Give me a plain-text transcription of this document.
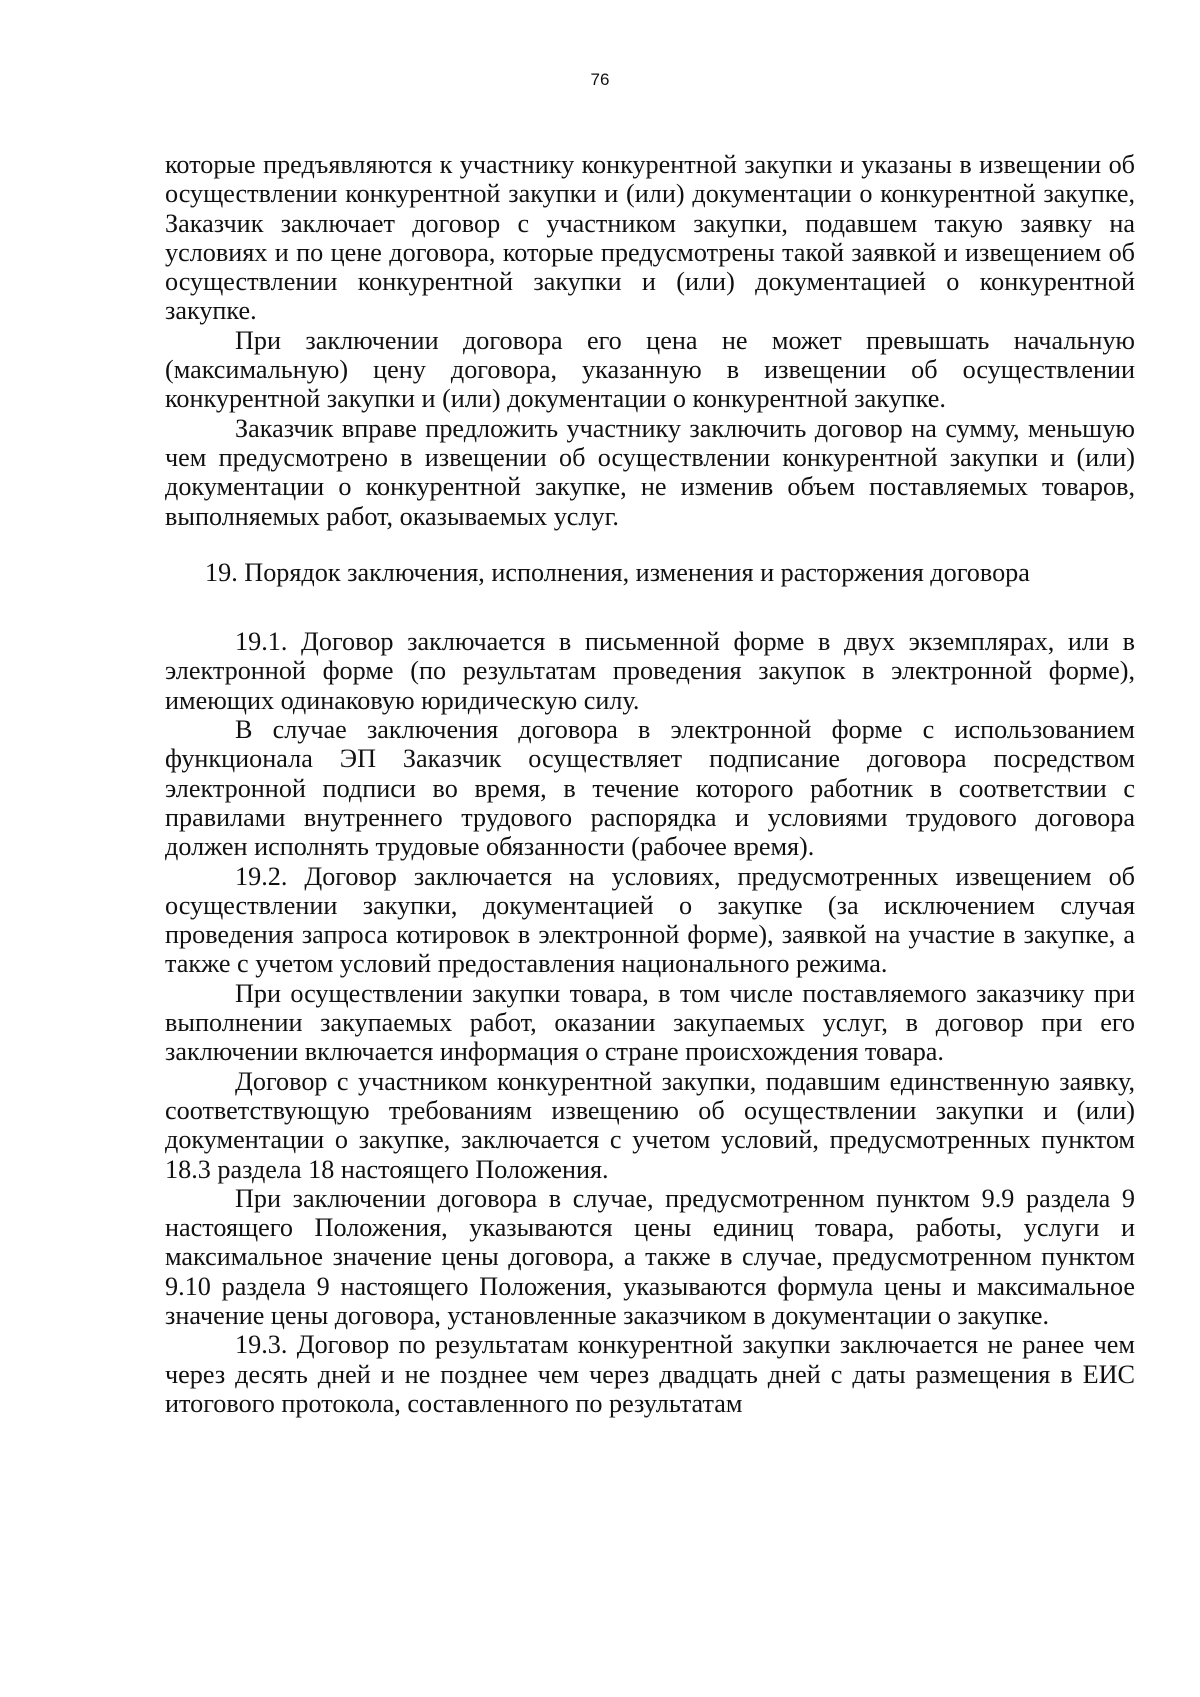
76

которые предъявляются к участнику конкурентной закупки и указаны в извещении об осуществлении конкурентной закупки и (или) документации о конкурентной закупке, Заказчик заключает договор с участником закупки, подавшем такую заявку на условиях и по цене договора, которые предусмотрены такой заявкой и извещением об осуществлении конкурентной закупки и (или) документацией о конкурентной закупке.

При заключении договора его цена не может превышать начальную (максимальную) цену договора, указанную в извещении об осуществлении конкурентной закупки и (или) документации о конкурентной закупке.

Заказчик вправе предложить участнику заключить договор на сумму, меньшую чем предусмотрено в извещении об осуществлении конкурентной закупки и (или) документации о конкурентной закупке, не изменив объем поставляемых товаров, выполняемых работ, оказываемых услуг.

19. Порядок заключения, исполнения, изменения и расторжения договора

19.1. Договор заключается в письменной форме в двух экземплярах, или в электронной форме (по результатам проведения закупок в электронной форме), имеющих одинаковую юридическую силу.

В случае заключения договора в электронной форме с использованием функционала ЭП Заказчик осуществляет подписание договора посредством электронной подписи во время, в течение которого работник в соответствии с правилами внутреннего трудового распорядка и условиями трудового договора должен исполнять трудовые обязанности (рабочее время).

19.2. Договор заключается на условиях, предусмотренных извещением об осуществлении закупки, документацией о закупке (за исключением случая проведения запроса котировок в электронной форме), заявкой на участие в закупке, а также с учетом условий предоставления национального режима.

При осуществлении закупки товара, в том числе поставляемого заказчику при выполнении закупаемых работ, оказании закупаемых услуг, в договор при его заключении включается информация о стране происхождения товара.

Договор с участником конкурентной закупки, подавшим единственную заявку, соответствующую требованиям извещению об осуществлении закупки и (или) документации о закупке, заключается с учетом условий, предусмотренных пунктом 18.3 раздела 18 настоящего Положения.

При заключении договора в случае, предусмотренном пунктом 9.9 раздела 9 настоящего Положения, указываются цены единиц товара, работы, услуги и максимальное значение цены договора, а также в случае, предусмотренном пунктом 9.10 раздела 9 настоящего Положения, указываются формула цены и максимальное значение цены договора, установленные заказчиком в документации о закупке.

19.3. Договор по результатам конкурентной закупки заключается не ранее чем через десять дней и не позднее чем через двадцать дней с даты размещения в ЕИС итогового протокола, составленного по результатам
